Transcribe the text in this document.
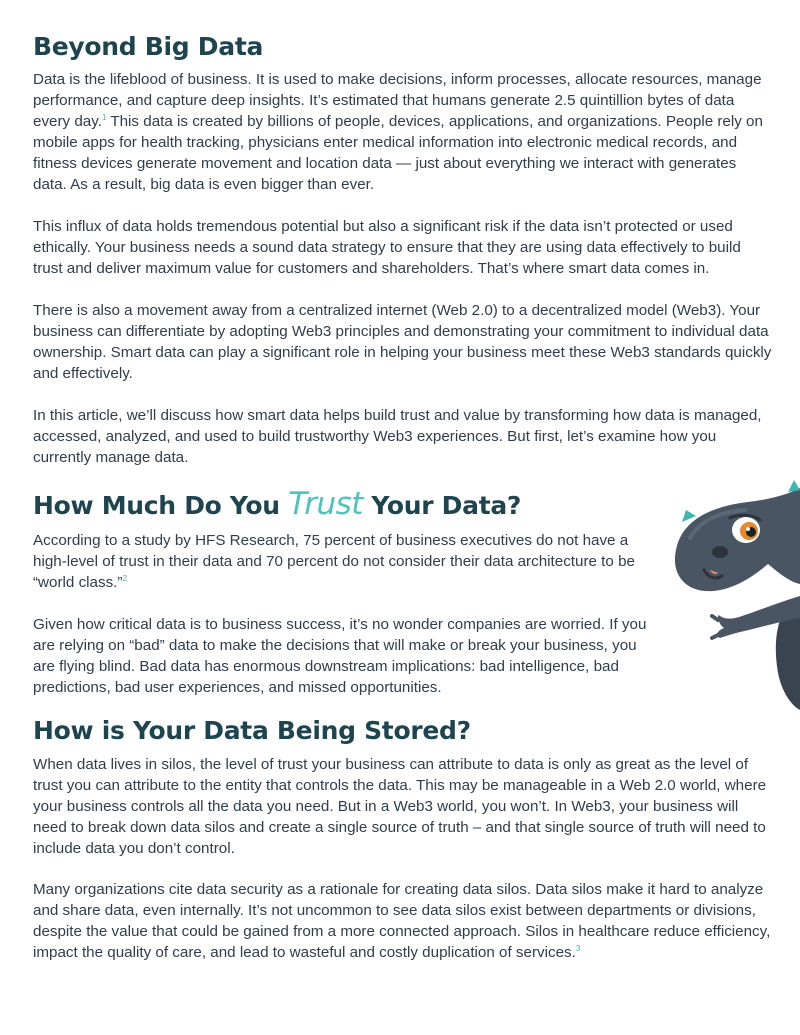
Beyond Big Data

Data is the lifeblood of business. It is used to make decisions, inform processes, allocate resources, manage performance, and capture deep insights. It’s estimated that humans generate 2.5 quintillion bytes of data every day.$^1$ This data is created by billions of people, devices, applications, and organizations. People rely on mobile apps for health tracking, physicians enter medical information into electronic medical records, and fitness devices generate movement and location data — just about everything we interact with generates data. As a result, big data is even bigger than ever.

This influx of data holds tremendous potential but also a significant risk if the data isn’t protected or used ethically. Your business needs a sound data strategy to ensure that they are using data effectively to build trust and deliver maximum value for customers and shareholders. That’s where smart data comes in.

There is also a movement away from a centralized internet (Web 2.0) to a decentralized model (Web3). Your business can differentiate by adopting Web3 principles and demonstrating your commitment to individual data ownership. Smart data can play a significant role in helping your business meet these Web3 standards quickly and effectively.

In this article, we’ll discuss how smart data helps build trust and value by transforming how data is managed, accessed, analyzed, and used to build trustworthy Web3 experiences. But first, let’s examine how you currently manage data.

How Much Do You Trust Your Data?

According to a study by HFS Research, 75 percent of business executives do not have a high-level of trust in their data and 70 percent do not consider their data architecture to be “world class.”$^2$

Given how critical data is to business success, it’s no wonder companies are worried. If you are relying on “bad” data to make the decisions that will make or break your business, you are flying blind. Bad data has enormous downstream implications: bad intelligence, bad predictions, bad user experiences, and missed opportunities.

How is Your Data Being Stored?

When data lives in silos, the level of trust your business can attribute to data is only as great as the level of trust you can attribute to the entity that controls the data. This may be manageable in a Web 2.0 world, where your business controls all the data you need. But in a Web3 world, you won’t. In Web3, your business will need to break down data silos and create a single source of truth – and that single source of truth will need to include data you don’t control.

Many organizations cite data security as a rationale for creating data silos. Data silos make it hard to analyze and share data, even internally. It’s not uncommon to see data silos exist between departments or divisions, despite the value that could be gained from a more connected approach. Silos in healthcare reduce efficiency, impact the quality of care, and lead to wasteful and costly duplication of services.$^3$
